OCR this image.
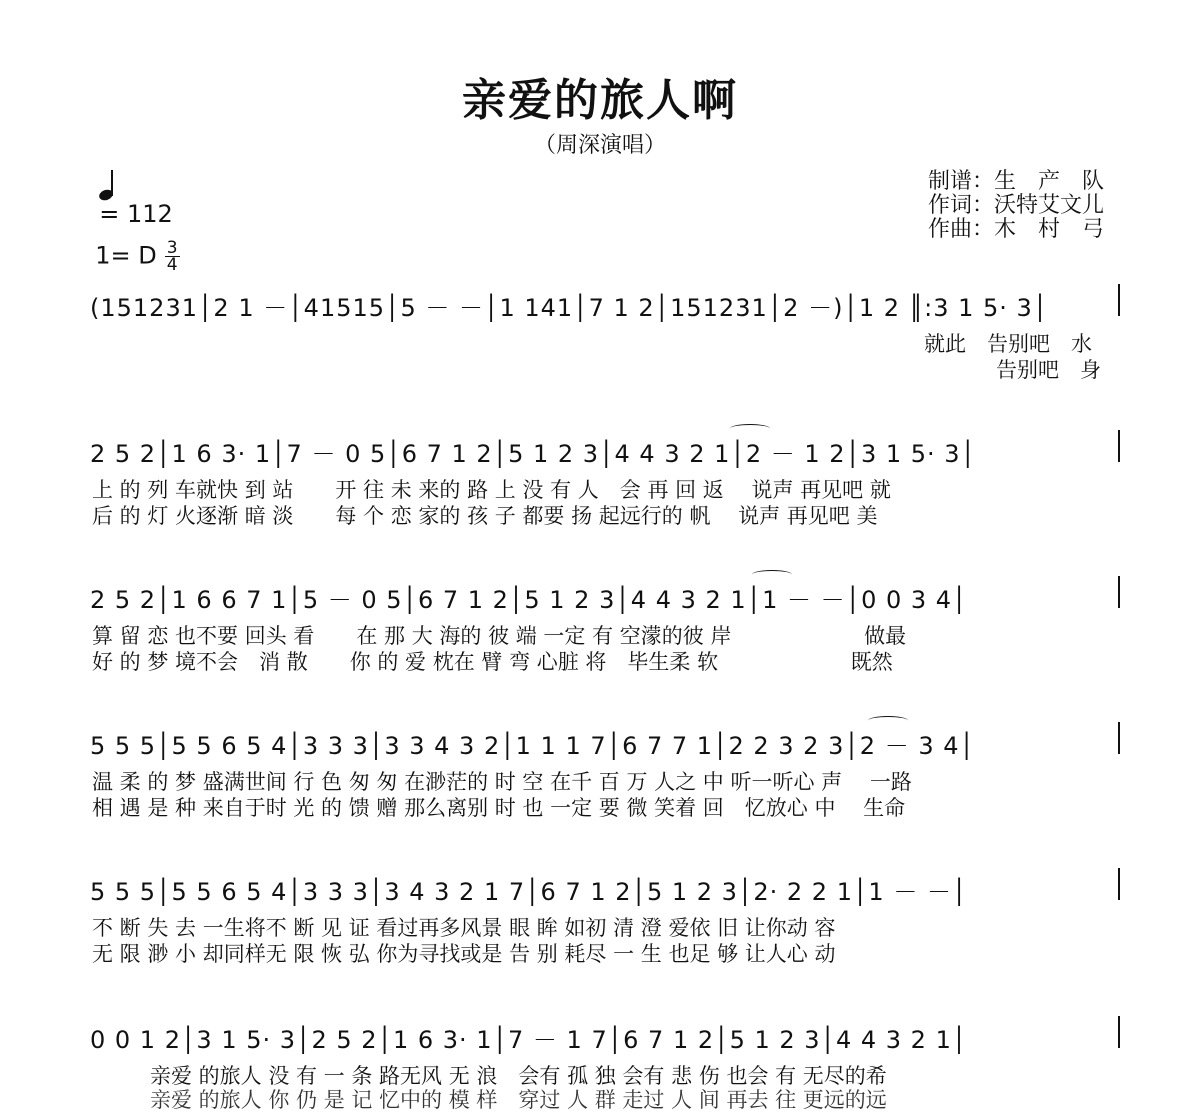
亲爱的旅人啊
（周深演唱）

= 112

1= D $\frac{3}{4}$

制谱：生　产　队
作词：沃特艾文儿
作曲：木　村　弓
(151231│2 1 －│41515│5 － －│1 141│7 1 2│151231│2 －)│1 2 ║:3 1 5· 3│
就此　告别吧　水
告别吧　身
2 5 2│1 6 3· 1│7 － 0 5│6 7 1 2│5 1 2 3│4 4 3 2 1│2 － 1 2│3 1 5· 3│
上 的 列 车就快 到 站　　开 往 未 来的 路 上 没 有 人　会 再 回 返　 说声 再见吧 就
后 的 灯 火逐渐 暗 淡　　每 个 恋 家的 孩 子 都要 扬 起远行的 帆　 说声 再见吧 美
2 5 2│1 6 6 7 1│5 － 0 5│6 7 1 2│5 1 2 3│4 4 3 2 1│1 － －│0 0 3 4│
算 留 恋 也不要 回头 看　　在 那 大 海的 彼 端 一定 有 空濛的彼 岸　　　　　　 做最
好 的 梦 境不会　消 散　　你 的 爱 枕在 臂 弯 心脏 将　毕生柔 软　　　　　　 既然
5 5 5│5 5 6 5 4│3 3 3│3 3 4 3 2│1 1 1 7│6 7 7 1│2 2 3 2 3│2 － 3 4│
温 柔 的 梦 盛满世间 行 色 匆 匆 在渺茫的 时 空 在千 百 万 人之 中 听一听心 声　 一路
相 遇 是 种 来自于时 光 的 馈 赠 那么离别 时 也 一定 要 微 笑着 回　忆放心 中　 生命
5 5 5│5 5 6 5 4│3 3 3│3 4 3 2 1 7│6 7 1 2│5 1 2 3│2· 2 2 1│1 － －│
不 断 失 去 一生将不 断 见 证 看过再多风景 眼 眸 如初 清 澄 爱依 旧 让你动 容
无 限 渺 小 却同样无 限 恢 弘 你为寻找或是 告 别 耗尽 一 生 也足 够 让人心 动
0 0 1 2│3 1 5· 3│2 5 2│1 6 3· 1│7 － 1 7│6 7 1 2│5 1 2 3│4 4 3 2 1│
亲爱 的旅人 没 有 一 条 路无风 无 浪　会有 孤 独 会有 悲 伤 也会 有 无尽的希
亲爱 的旅人 你 仍 是 记 忆中的 模 样　穿过 人 群 走过 人 间 再去 往 更远的远
